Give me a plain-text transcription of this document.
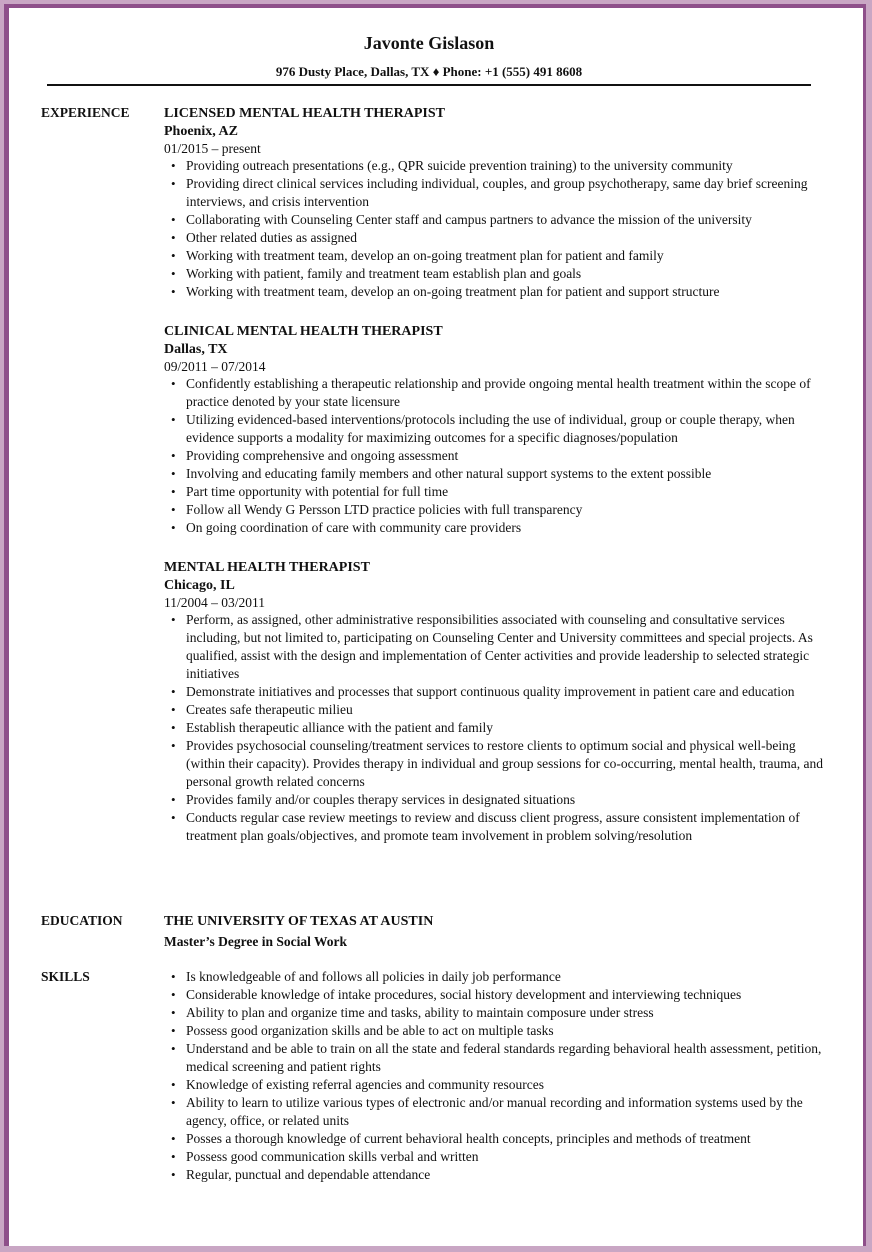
Javonte Gislason
976 Dusty Place, Dallas, TX ♦ Phone: +1 (555) 491 8608
EXPERIENCE LICENSED MENTAL HEALTH THERAPIST
Phoenix, AZ
01/2015 – present
• Providing outreach presentations (e.g., QPR suicide prevention training) to the university community
• Providing direct clinical services including individual, couples, and group psychotherapy, same day brief screening interviews, and crisis intervention
• Collaborating with Counseling Center staff and campus partners to advance the mission of the university
• Other related duties as assigned
• Working with treatment team, develop an on-going treatment plan for patient and family
• Working with patient, family and treatment team establish plan and goals
• Working with treatment team, develop an on-going treatment plan for patient and support structure
CLINICAL MENTAL HEALTH THERAPIST
Dallas, TX
09/2011 – 07/2014
• Confidently establishing a therapeutic relationship and provide ongoing mental health treatment within the scope of practice denoted by your state licensure
• Utilizing evidenced-based interventions/protocols including the use of individual, group or couple therapy, when evidence supports a modality for maximizing outcomes for a specific diagnoses/population
• Providing comprehensive and ongoing assessment
• Involving and educating family members and other natural support systems to the extent possible
• Part time opportunity with potential for full time
• Follow all Wendy G Persson LTD practice policies with full transparency
• On going coordination of care with community care providers
MENTAL HEALTH THERAPIST
Chicago, IL
11/2004 – 03/2011
• Perform, as assigned, other administrative responsibilities associated with counseling and consultative services including, but not limited to, participating on Counseling Center and University committees and special projects. As qualified, assist with the design and implementation of Center activities and provide leadership to selected strategic initiatives
• Demonstrate initiatives and processes that support continuous quality improvement in patient care and education
• Creates safe therapeutic milieu
• Establish therapeutic alliance with the patient and family
• Provides psychosocial counseling/treatment services to restore clients to optimum social and physical well-being (within their capacity). Provides therapy in individual and group sessions for co-occurring, mental health, trauma, and personal growth related concerns
• Provides family and/or couples therapy services in designated situations
• Conducts regular case review meetings to review and discuss client progress, assure consistent implementation of treatment plan goals/objectives, and promote team involvement in problem solving/resolution
EDUCATION	THE UNIVERSITY OF TEXAS AT AUSTIN
Master’s Degree in Social Work
SKILLS
•	Is knowledgeable of and follows all policies in daily job performance
• Considerable knowledge of intake procedures, social history development and interviewing techniques
• Ability to plan and organize time and tasks, ability to maintain composure under stress
• Possess good organization skills and be able to act on multiple tasks
• Understand and be able to train on all the state and federal standards regarding behavioral health assessment, petition, medical screening and patient rights
• Knowledge of existing referral agencies and community resources
• Ability to learn to utilize various types of electronic and/or manual recording and information systems used by the agency, office, or related units
• Posses a thorough knowledge of current behavioral health concepts, principles and methods of treatment
• Possess good communication skills verbal and written
• Regular, punctual and dependable attendance
